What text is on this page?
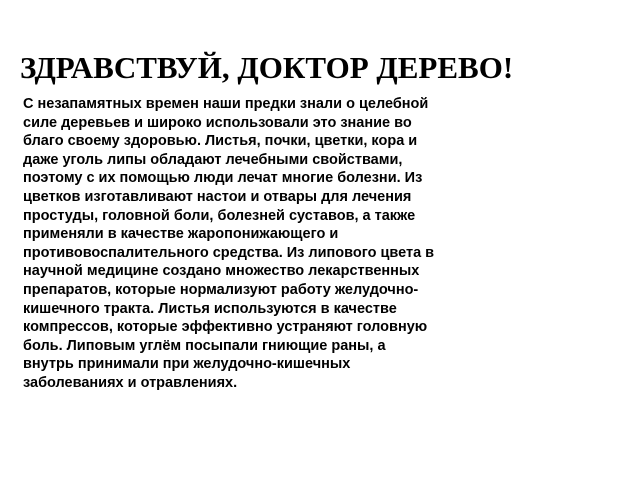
ЗДРАВСТВУЙ, ДОКТОР ДЕРЕВО!
С незапамятных времен наши предки знали о целебной
силе деревьев и широко использовали это знание во
благо своему здоровью. Листья, почки, цветки, кора и
даже уголь липы обладают лечебными свойствами,
поэтому с их помощью люди лечат многие болезни. Из
цветков изготавливают настои и отвары для лечения
простуды, головной боли, болезней суставов, а также
применяли в качестве жаропонижающего и
противовоспалительного средства. Из липового цвета в
научной медицине создано множество лекарственных
препаратов, которые нормализуют работу желудочно-
кишечного тракта. Листья используются в качестве
компрессов, которые эффективно устраняют головную
боль. Липовым углём посыпали гниющие раны, а
внутрь принимали при желудочно-кишечных
заболеваниях и отравлениях.
